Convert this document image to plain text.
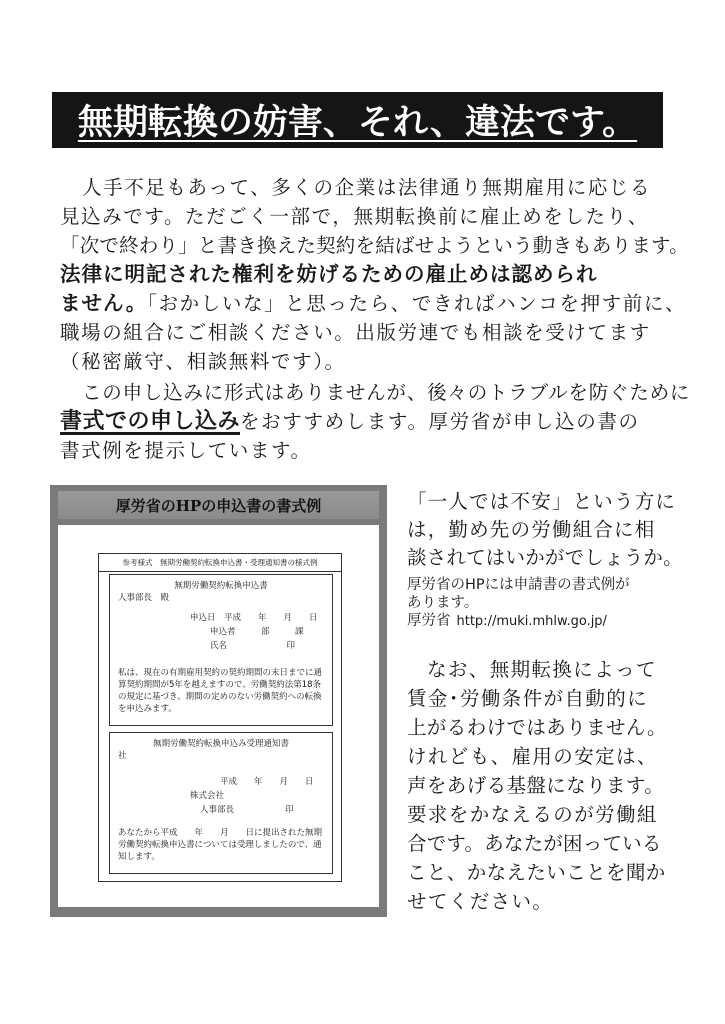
無期転換の妨害、それ、違法です。
人手不足もあって、多くの企業は法律通り無期雇用に応じる
見込みです。ただごく一部で，無期転換前に雇止めをしたり、
「次で終わり」と書き換えた契約を結ばせようという動きもあります。
法律に明記された権利を妨げるための雇止めは認められ
ません。「おかしいな」と思ったら、できればハンコを押す前に、
職場の組合にご相談ください。出版労連でも相談を受けてます
（秘密厳守、相談無料です）。
この申し込みに形式はありませんが、後々のトラブルを防ぐために
書式での申し込みをおすすめします。厚労省が申し込の書の
書式例を提示しています。
厚労省のHPの申込書の書式例
参考様式　無期労働契約転換申込書・受理通知書の様式例
無期労働契約転換申込書
人事部長　殿
申込日　平成　　年　　月　　日
申込者　　　部　　　課
氏名　　　　　　　印
私は、現在の有期雇用契約の契約期間の末日までに通算契約期間が5年を越えますので、労働契約法第18条の規定に基づき、期間の定めのない労働契約への転換を申込みます。
無期労働契約転換申込み受理通知書
社
平成　　年　　月　　日
株式会社
人事部長　　　　　　印
あなたから平成　　年　　月　　日に提出された無期労働契約転換申込書については受理しましたので、通知します。
「一人では不安」という方に
は，勤め先の労働組合に相
談されてはいかがでしょうか。
厚労省のHPには申請書の書式例が
あります。
厚労省 http://muki.mhlw.go.jp/
なお、無期転換によって
賃金･労働条件が自動的に
上がるわけではありません。
けれども、雇用の安定は、
声をあげる基盤になります。
要求をかなえるのが労働組
合です。あなたが困っている
こと、かなえたいことを聞か
せてください。
